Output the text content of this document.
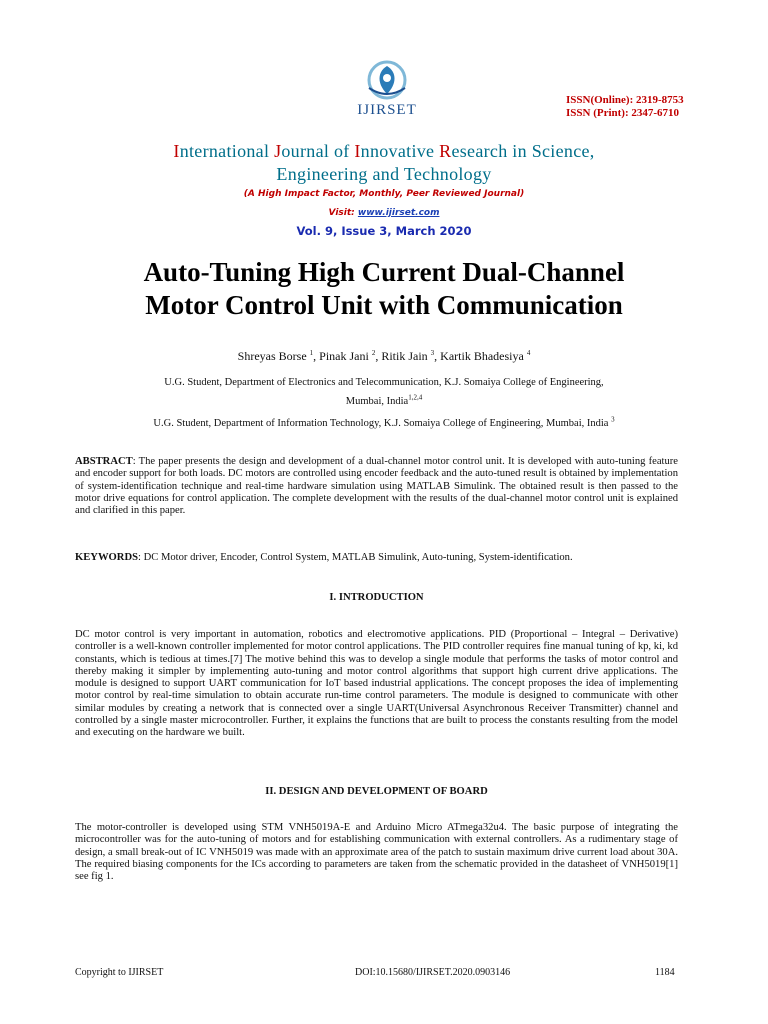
IJIRSET
ISSN(Online): 2319-8753
ISSN (Print): 2347-6710
International Journal of Innovative Research in Science,
Engineering and Technology
(A High Impact Factor, Monthly, Peer Reviewed Journal)
Visit: www.ijirset.com
Vol. 9, Issue 3, March 2020
Auto-Tuning High Current Dual-Channel
Motor Control Unit with Communication
Shreyas Borse $^1$, Pinak Jani $^2$, Ritik Jain $^3$, Kartik Bhadesiya $^4$
U.G. Student, Department of Electronics and Telecommunication, K.J. Somaiya College of Engineering,
Mumbai, India$^{1,2,4}$
U.G. Student, Department of Information Technology, K.J. Somaiya College of Engineering, Mumbai, India $^3$
ABSTRACT: The paper presents the design and development of a dual-channel motor control unit. It is developed with auto-tuning feature and encoder support for both loads. DC motors are controlled using encoder feedback and the auto-tuned result is obtained by implementation of system-identification technique and real-time hardware simulation using MATLAB Simulink. The obtained result is then passed to the motor drive equations for control application. The complete development with the results of the dual-channel motor control unit is explained and clarified in this paper.
KEYWORDS: DC Motor driver, Encoder, Control System, MATLAB Simulink, Auto-tuning, System-identification.
I. INTRODUCTION
DC motor control is very important in automation, robotics and electromotive applications. PID (Proportional – Integral – Derivative) controller is a well-known controller implemented for motor control applications. The PID controller requires fine manual tuning of kp, ki, kd constants, which is tedious at times.[7] The motive behind this was to develop a single module that performs the tasks of motor control and thereby making it simpler by implementing auto-tuning and motor control algorithms that support high current drive applications. The module is designed to support UART communication for IoT based industrial applications. The concept proposes the idea of implementing motor control by real-time simulation to obtain accurate run-time control parameters. The module is designed to communicate with other similar modules by creating a network that is connected over a single UART(Universal Asynchronous Receiver Transmitter) channel and controlled by a single master microcontroller. Further, it explains the functions that are built to process the constants resulting from the model and executing on the hardware we built.
II. DESIGN AND DEVELOPMENT OF BOARD
The motor-controller is developed using STM VNH5019A-E and Arduino Micro ATmega32u4. The basic purpose of integrating the microcontroller was for the auto-tuning of motors and for establishing communication with external controllers. As a rudimentary stage of design, a small break-out of IC VNH5019 was made with an approximate area of the patch to sustain maximum drive current load about 30A. The required biasing components for the ICs according to parameters are taken from the schematic provided in the datasheet of VNH5019[1] see fig 1.
Copyright to IJIRSET	DOI:10.15680/IJIRSET.2020.0903146	1184
